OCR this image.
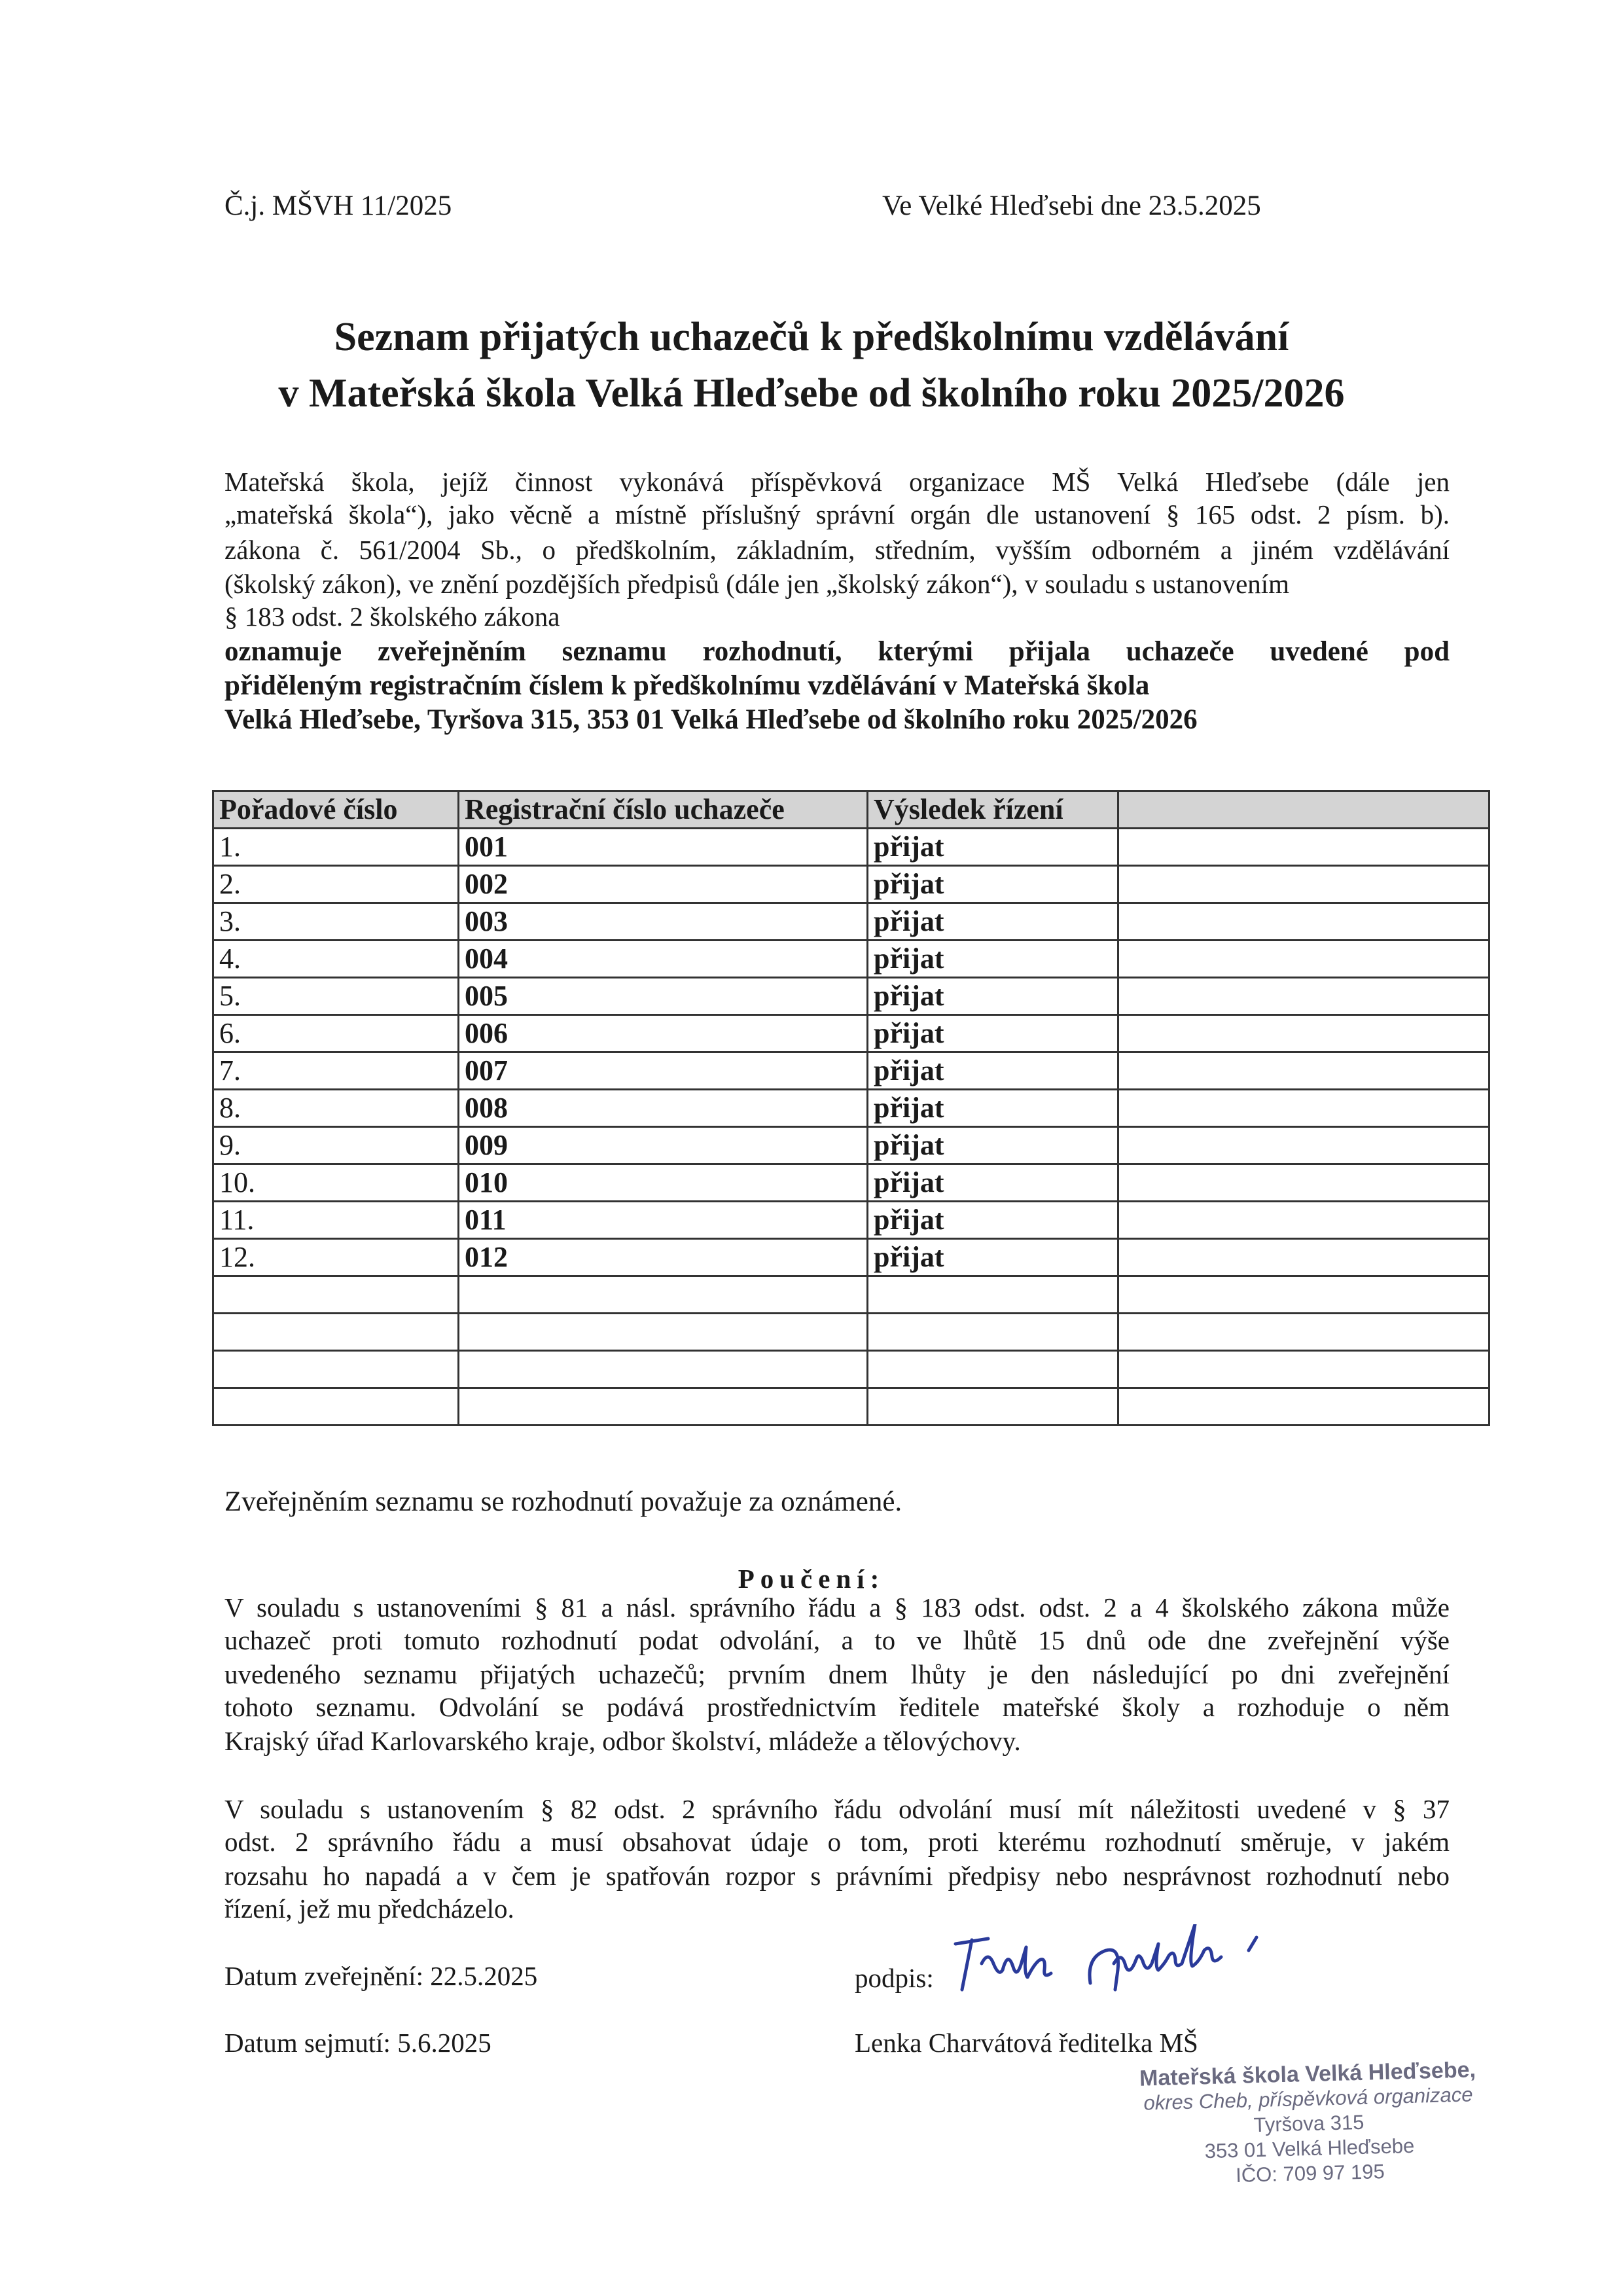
Č.j. MŠVH 11/2025	Ve Velké Hleďsebi dne 23.5.2025
Seznam přijatých uchazečů k předškolnímu vzdělávání
v Mateřská škola Velká Hleďsebe od školního roku 2025/2026
Mateřská škola, jejíž činnost vykonává příspěvková organizace MŠ Velká Hleďsebe (dále jen
„mateřská škola“), jako věcně a místně příslušný správní orgán dle ustanovení § 165 odst. 2 písm. b).
zákona č. 561/2004 Sb., o předškolním, základním, středním, vyšším odborném a jiném vzdělávání
(školský zákon), ve znění pozdějších předpisů (dále jen „školský zákon“), v souladu s ustanovením
§ 183 odst. 2 školského zákona
oznamuje zveřejněním seznamu rozhodnutí, kterými přijala uchazeče uvedené pod
přiděleným registračním číslem k předškolnímu vzdělávání v Mateřská škola
Velká Hleďsebe, Tyršova 315, 353 01 Velká Hleďsebe od školního roku 2025/2026
Pořadové číslo	Registrační číslo uchazeče	Výsledek řízení	
1.	001	přijat	
2.	002	přijat	
3.	003	přijat	
4.	004	přijat	
5.	005	přijat	
6.	006	přijat	
7.	007	přijat	
8.	008	přijat	
9.	009	přijat	
10.	010	přijat	
11.	011	přijat	
12.	012	přijat	

Zveřejněním seznamu se rozhodnutí považuje za oznámené.
Poučení:
V souladu s ustanoveními § 81 a násl. správního řádu a § 183 odst. odst. 2 a 4 školského zákona může
uchazeč proti tomuto rozhodnutí podat odvolání, a to ve lhůtě 15 dnů ode dne zveřejnění výše
uvedeného seznamu přijatých uchazečů; prvním dnem lhůty je den následující po dni zveřejnění
tohoto seznamu. Odvolání se podává prostřednictvím ředitele mateřské školy a rozhoduje o něm
Krajský úřad Karlovarského kraje, odbor školství, mládeže a tělovýchovy.
V souladu s ustanovením § 82 odst. 2 správního řádu odvolání musí mít náležitosti uvedené v § 37
odst. 2 správního řádu a musí obsahovat údaje o tom, proti kterému rozhodnutí směruje, v jakém
rozsahu ho napadá a v čem je spatřován rozpor s právními předpisy nebo nesprávnost rozhodnutí nebo
řízení, jež mu předcházelo.
Datum zveřejnění: 22.5.2025
Datum sejmutí: 5.6.2025
podpis:
Lenka Charvátová ředitelka MŠ
Mateřská škola Velká Hleďsebe,
okres Cheb, příspěvková organizace
Tyršova 315
353 01 Velká Hleďsebe
IČO: 709 97 195
